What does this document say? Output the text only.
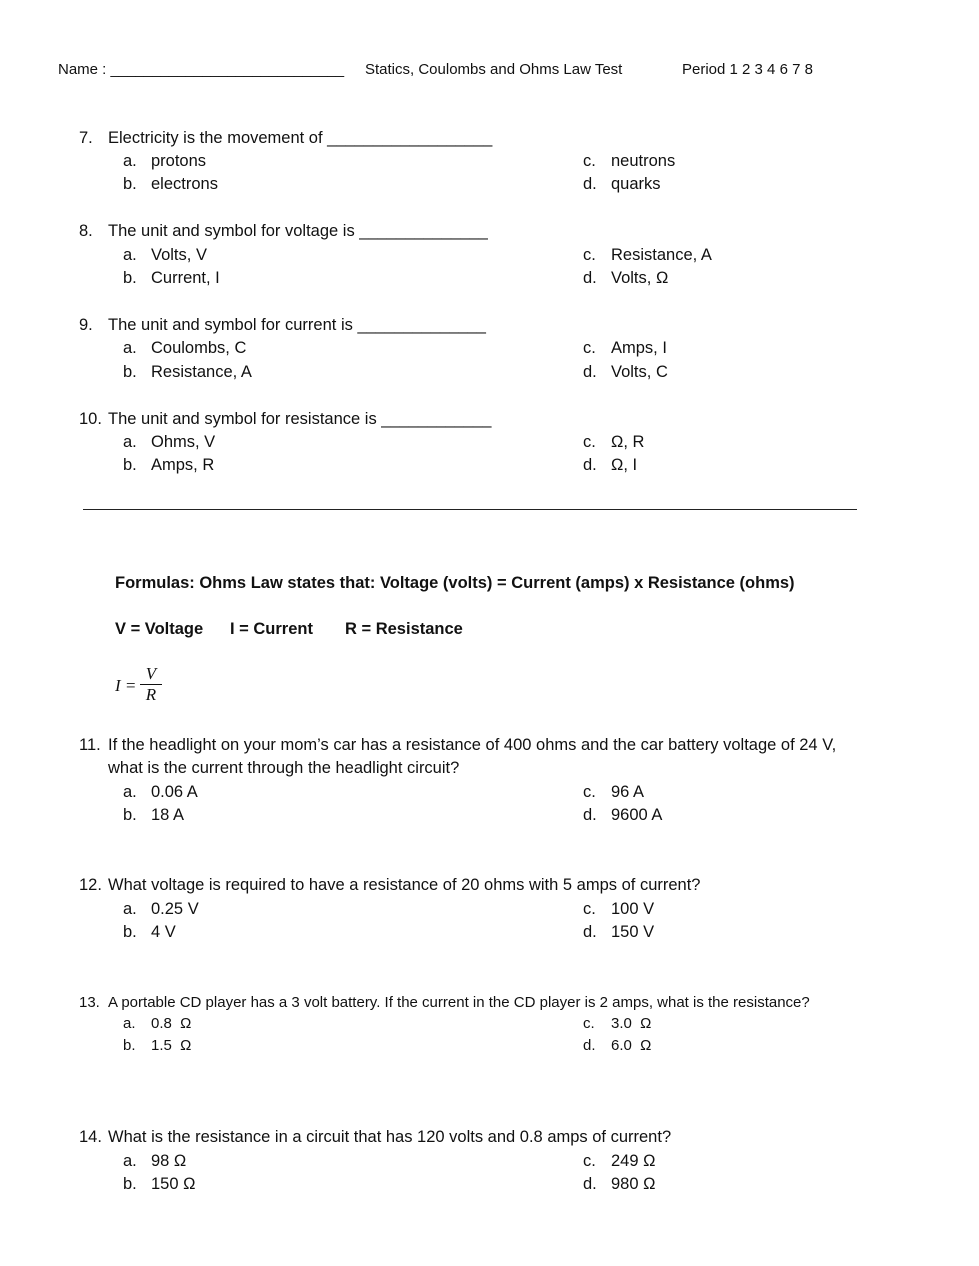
Name : ____________________________ Statics, Coulombs and Ohms Law Test	Period 1 2 3 4 6 7 8
7. Electricity is the movement of __________________
a. protons
b. electrons
c. neutrons
d. quarks
8. The unit and symbol for voltage is ______________
a. Volts, V
b. Current, I
c. Resistance, A
d. Volts, Ω
9. The unit and symbol for current is ______________
a. Coulombs, C
b. Resistance, A
c. Amps, I
d. Volts, C
10. The unit and symbol for resistance is ____________
a. Ohms, V
b. Amps, R
c. Ω, R
d. Ω, I
Formulas: Ohms Law states that: Voltage (volts) = Current (amps) x Resistance (ohms)
V = Voltage I = Current R = Resistance
I =
V
R
11. If the headlight on your mom’s car has a resistance of 400 ohms and the car battery voltage of 24 V,
what is the current through the headlight circuit?
a. 0.06 A
b. 18 A
c. 96 A
d. 9600 A
12. What voltage is required to have a resistance of 20 ohms with 5 amps of current?
a. 0.25 V
b. 4 V
c. 100 V
d. 150 V
13. A portable CD player has a 3 volt battery. If the current in the CD player is 2 amps, what is the resistance?
a. 0.8  Ω
b. 1.5  Ω
c. 3.0  Ω
d. 6.0  Ω
14. What is the resistance in a circuit that has 120 volts and 0.8 amps of current?
a. 98 Ω
b. 150 Ω
c. 249 Ω
d. 980 Ω
